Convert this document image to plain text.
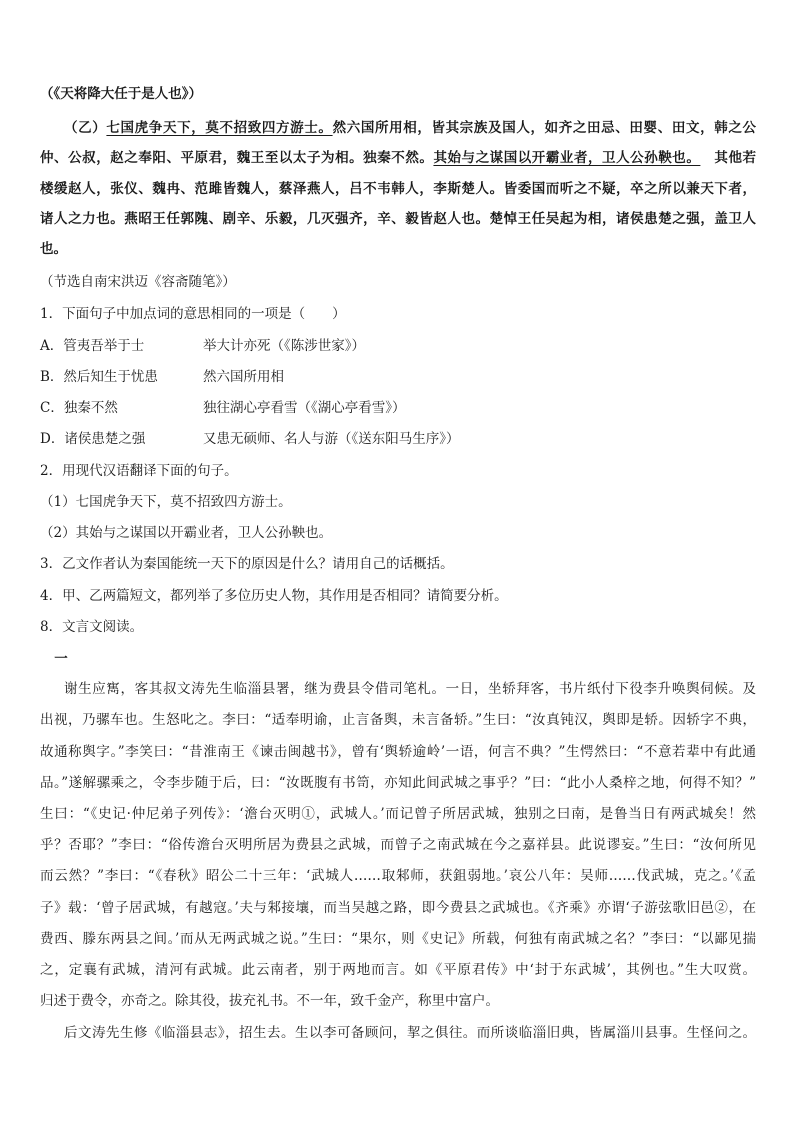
（《天将降大任于是人也》）
（乙）七国虎争天下，莫不招致四方游士。然六国所用相，皆其宗族及国人，如齐之田忌、田婴、田文，韩之公
仲、公叔，赵之奉阳、平原君，魏王至以太子为相。独秦不然。其始与之谋国以开霸业者，卫人公孙鞅也。 其他若
楼缓赵人，张仪、魏冉、范雎皆魏人，蔡泽燕人，吕不韦韩人，李斯楚人。皆委国而听之不疑，卒之所以兼天下者，
诸人之力也。燕昭王任郭隗、剧辛、乐毅，几灭强齐，辛、毅皆赵人也。楚悼王任吴起为相，诸侯患楚之强，盖卫人
也。
（节选自南宋洪迈《容斋随笔》）
1．下面句子中加点词的意思相同的一项是（　　）
A．管夷吾举于士	举大计亦死（《陈涉世家》）
B．然后知生于忧患	然六国所用相
C．独秦不然	独往湖心亭看雪（《湖心亭看雪》）
D．诸侯患楚之强	又患无硕师、名人与游（《送东阳马生序》）
2．用现代汉语翻译下面的句子。
（1）七国虎争天下，莫不招致四方游士。
（2）其始与之谋国以开霸业者，卫人公孙鞅也。
3．乙文作者认为秦国能统一天下的原因是什么？请用自己的话概括。
4．甲、乙两篇短文，都列举了多位历史人物，其作用是否相同？请简要分析。
8．文言文阅读。
一
谢生应寯，客其叔文涛先生临淄县署，继为费县令借司笔札。一日，坐轿拜客，书片纸付下役李升唤舆伺候。及
出视，乃骡车也。生怒叱之。李曰：“适奉明谕，止言备舆，未言备轿。”生曰：“汝真钝汉，舆即是轿。因轿字不典，
故通称舆字。”李笑曰：“昔淮南王《谏击闽越书》，曾有‘舆轿逾岭’一语，何言不典？”生愕然曰：“不意若辈中有此通
品。”遂解骡乘之，令李步随于后，曰：“汝既腹有书笥，亦知此间武城之事乎？”曰：“此小人桑梓之地，何得不知？”
生曰：“《史记·仲尼弟子列传》：‘澹台灭明①，武城人。’而记曾子所居武城，独别之曰南，是鲁当日有两武城矣！然
乎？否耶？”李曰：“俗传澹台灭明所居为费县之武城，而曾子之南武城在今之嘉祥县。此说谬妄。”生曰：“汝何所见
而云然？”李曰：“《春秋》昭公二十三年：‘武城人……取邾师，获鉏弱地。’哀公八年：吴师……伐武城，克之。’《孟
子》载：‘曾子居武城，有越寇。’夫与邾接壤，而当吴越之路，即今费县之武城也。《齐乘》亦谓‘子游弦歌旧邑②，在
费西、滕东两县之间。’而从无两武城之说。”生曰：“果尔，则《史记》所载，何独有南武城之名？”李曰：“以鄙见揣
之，定襄有武城，清河有武城。此云南者，别于两地而言。如《平原君传》中‘封于东武城’，其例也。”生大叹赏。
归述于费令，亦奇之。除其役，拔充礼书。不一年，致千金产，称里中富户。
后文涛先生修《临淄县志》，招生去。生以李可备顾问，挈之俱往。而所谈临淄旧典，皆属淄川县事。生怪问之。
